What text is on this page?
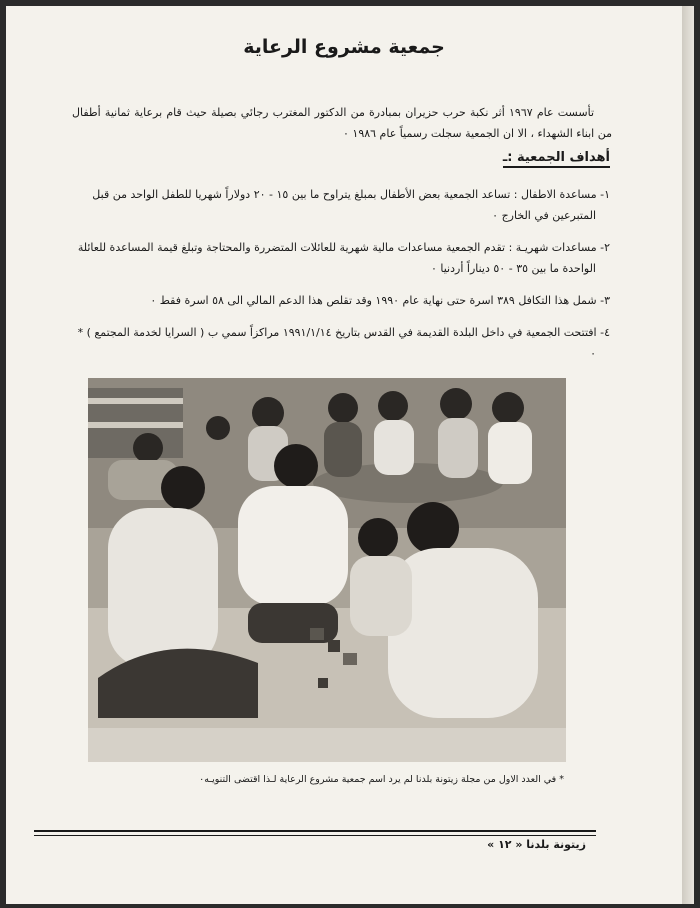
جمعية مشروع الرعاية

تأسست عام ١٩٦٧ أثر نكبة حرب حزيران بمبادرة من الدكتور المغترب رجائي بصيلة حيث قام برعاية ثمانية أطفال من ابناء الشهداء ، الا ان الجمعية سجلت رسمياً عام ١٩٨٦ ٠

أهداف الجمعية :ـ
١- مساعدة الاطفال : تساعد الجمعية بعض الأطفال بمبلغ يتراوح ما بين ١٥ - ٢٠ دولاراً شهريا للطفل الواحد من قبل المتبرعين في الخارج ٠
٢- مساعدات شهريـة : تقدم الجمعية مساعدات مالية شهرية للعائلات المتضررة والمحتاجة وتبلغ قيمة المساعدة للعائلة الواحدة ما بين ٣٥ - ٥٠ ديناراً أردنيا ٠
٣- شمل هذا التكافل ٣٨٩ اسرة حتى نهاية عام ١٩٩٠ وقد تقلص هذا الدعم المالي الى ٥٨ اسرة فقط ٠
٤- افتتحت الجمعية في داخل البلدة القديمة في القدس بتاريخ ١٩٩١/١/١٤ مراكزاً سمي ب ( السرايا لخدمة المجتمع ) * ٠
* في العدد الاول من مجلة زيتونة بلدنا لم يرد اسم جمعية مشروع الرعاية لـذا اقتضى التنويـه٠
زيتونة بلدنا « ١٢ »
